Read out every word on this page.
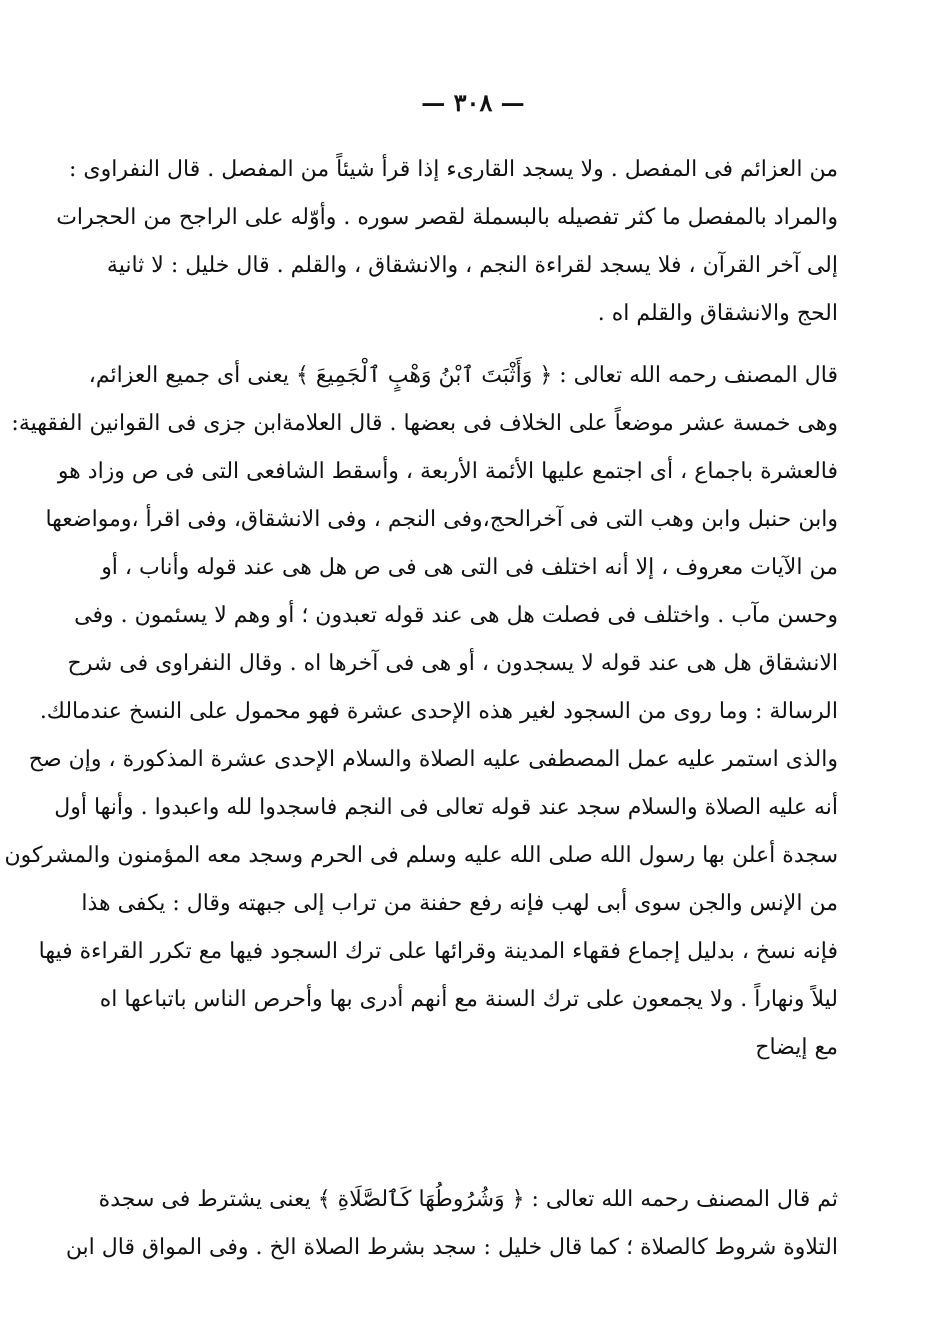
— ٣٠٨ —
من العزائم فى المفصل . ولا يسجد القارىء إذا قرأ شيئاً من المفصل . قال النفراوى :
والمراد بالمفصل ما كثر تفصيله بالبسملة لقصر سوره . وأوّله على الراجح من الحجرات
إلى آخر القرآن ، فلا يسجد لقراءة النجم ، والانشقاق ، والقلم . قال خليل : لا ثانية
الحج والانشقاق والقلم اه .
قال المصنف رحمه الله تعالى : ﴿ وَأَثْبَتَ ٱبْنُ وَهْبٍ ٱلْجَمِيعَ ﴾ يعنى أى جميع العزائم،
وهى خمسة عشر موضعاً على الخلاف فى بعضها . قال العلامةابن جزى فى القوانين الفقهية:
فالعشرة باجماع ، أى اجتمع عليها الأئمة الأربعة ، وأسقط الشافعى التى فى ص وزاد هو
وابن حنبل وابن وهب التى فى آخرالحج،وفى النجم ، وفى الانشقاق، وفى اقرأ ،ومواضعها
من الآيات معروف ، إلا أنه اختلف فى التى هى فى ص هل هى عند قوله وأناب ، أو
وحسن مآب . واختلف فى فصلت هل هى عند قوله تعبدون ؛ أو وهم لا يسئمون . وفى
الانشقاق هل هى عند قوله لا يسجدون ، أو هى فى آخرها اه . وقال النفراوى فى شرح
الرسالة : وما روى من السجود لغير هذه الإحدى عشرة فهو محمول على النسخ عندمالك.
والذى استمر عليه عمل المصطفى عليه الصلاة والسلام الإحدى عشرة المذكورة ، وإن صح
أنه عليه الصلاة والسلام سجد عند قوله تعالى فى النجم فاسجدوا لله واعبدوا . وأنها أول
سجدة أعلن بها رسول الله صلى الله عليه وسلم فى الحرم وسجد معه المؤمنون والمشركون
من الإنس والجن سوى أبى لهب فإنه رفع حفنة من تراب إلى جبهته وقال : يكفى هذا
فإنه نسخ ، بدليل إجماع فقهاء المدينة وقرائها على ترك السجود فيها مع تكرر القراءة فيها
ليلاً ونهاراً . ولا يجمعون على ترك السنة مع أنهم أدرى بها وأحرص الناس باتباعها اه
مع إيضاح
ثم قال المصنف رحمه الله تعالى : ﴿ وَشُرُوطُهَا كَٱلصَّلَاةِ ﴾ يعنى يشترط فى سجدة
التلاوة شروط كالصلاة ؛ كما قال خليل : سجد بشرط الصلاة الخ . وفى المواق قال ابن
